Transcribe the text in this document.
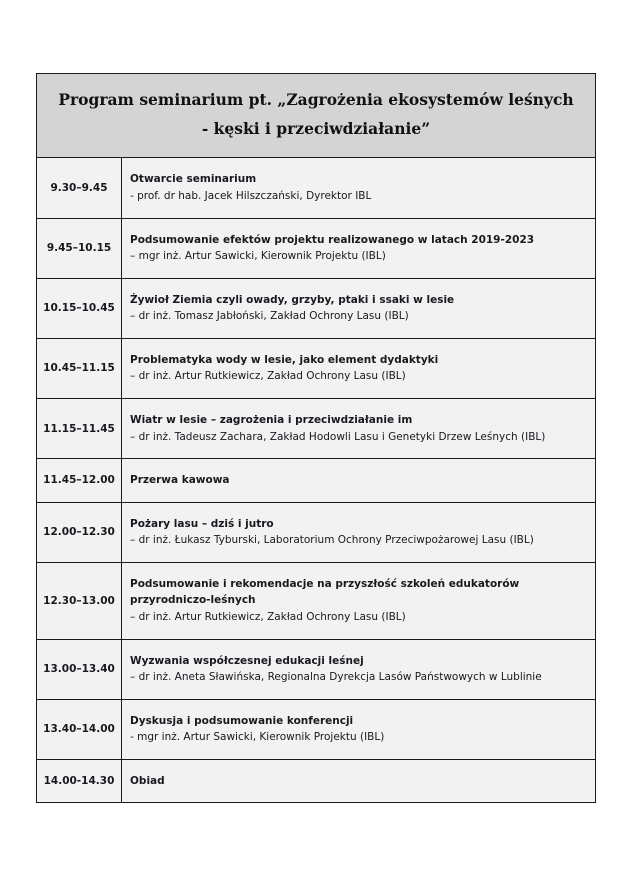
Program seminarium pt. „Zagrożenia ekosystemów leśnych
- kęski i przeciwdziałanie”
9.30–9.45
Otwarcie seminarium
- prof. dr hab. Jacek Hilszczański, Dyrektor IBL
9.45–10.15
Podsumowanie efektów projektu realizowanego w latach 2019-2023
– mgr inż. Artur Sawicki, Kierownik Projektu (IBL)
10.15–10.45
Żywioł Ziemia czyli owady, grzyby, ptaki i ssaki w lesie
– dr inż. Tomasz Jabłoński, Zakład Ochrony Lasu (IBL)
10.45–11.15
Problematyka wody w lesie, jako element dydaktyki
– dr inż. Artur Rutkiewicz, Zakład Ochrony Lasu (IBL)
11.15–11.45
Wiatr w lesie – zagrożenia i przeciwdziałanie im
– dr inż. Tadeusz Zachara, Zakład Hodowli Lasu i Genetyki Drzew Leśnych (IBL)
11.45–12.00	Przerwa kawowa
12.00–12.30
Pożary lasu – dziś i jutro
– dr inż. Łukasz Tyburski, Laboratorium Ochrony Przeciwpożarowej Lasu (IBL)
12.30–13.00
Podsumowanie i rekomendacje na przyszłość szkoleń edukatorów przyrodniczo-leśnych
– dr inż. Artur Rutkiewicz, Zakład Ochrony Lasu (IBL)
13.00–13.40
Wyzwania współczesnej edukacji leśnej
– dr inż. Aneta Sławińska, Regionalna Dyrekcja Lasów Państwowych w Lublinie
13.40–14.00
Dyskusja i podsumowanie konferencji
- mgr inż. Artur Sawicki, Kierownik Projektu (IBL)
14.00-14.30	Obiad
